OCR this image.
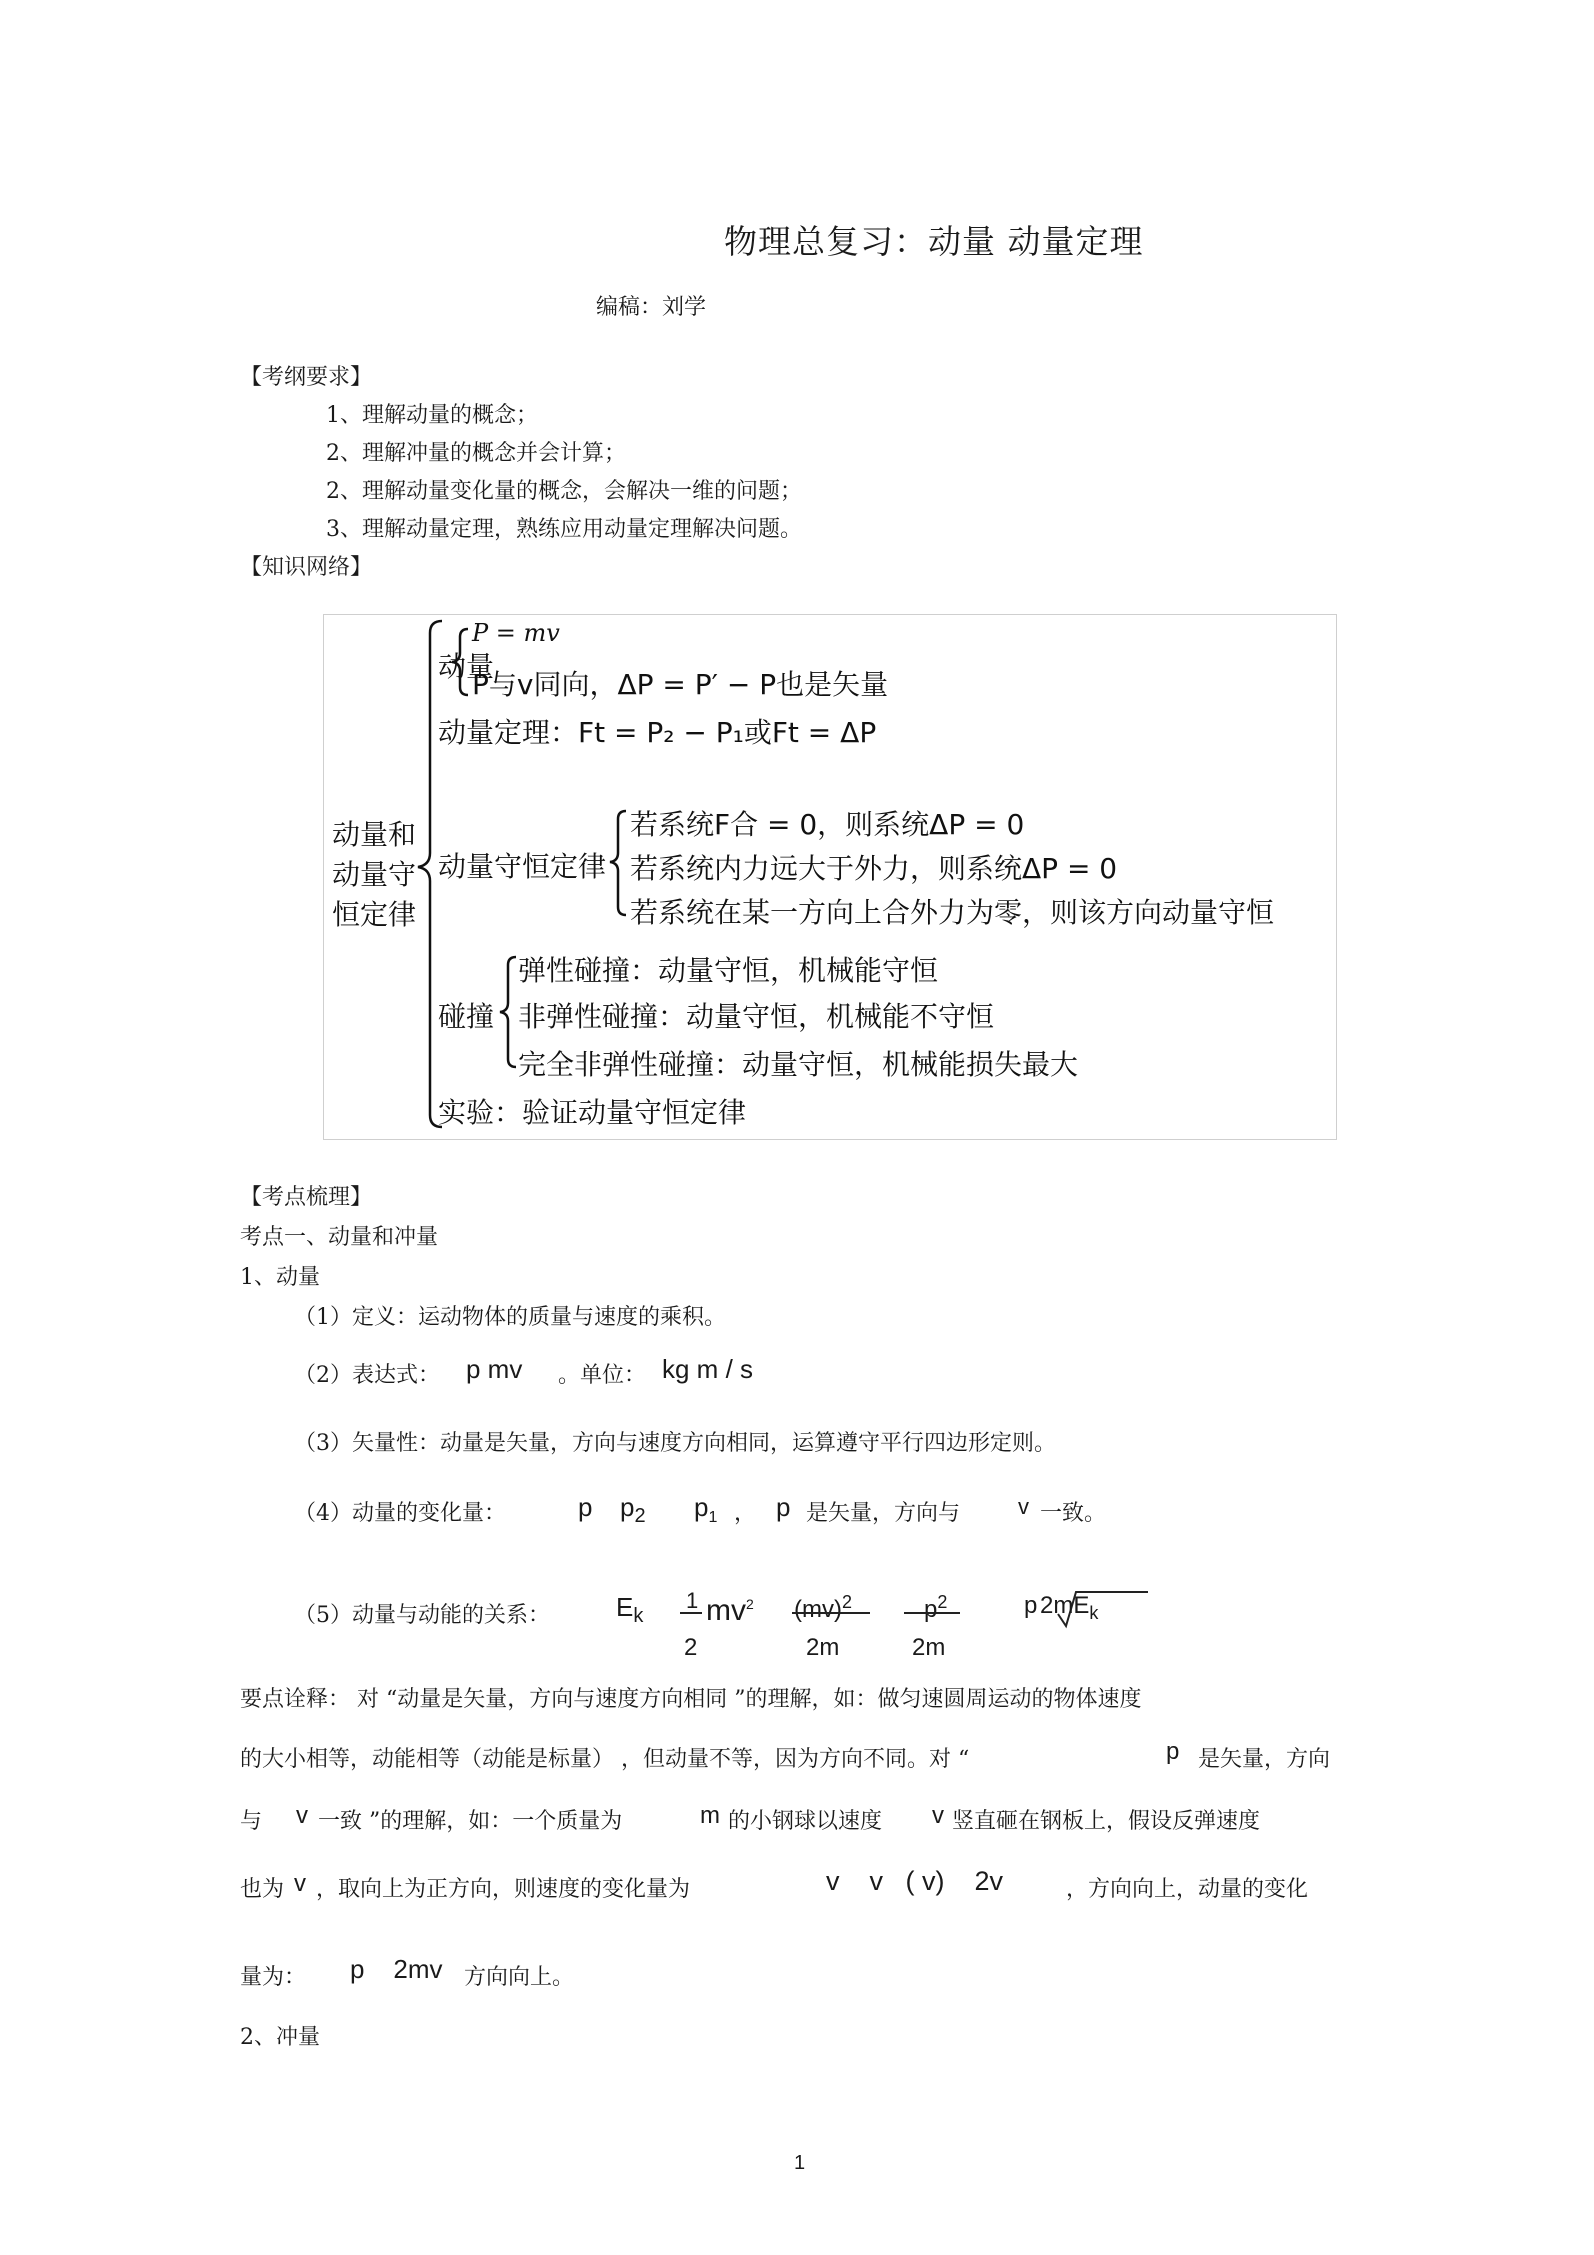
物理总复习：动量 动量定理
编稿：刘学
【考纲要求】
1、理解动量的概念；
2、理解冲量的概念并会计算；
2、理解动量变化量的概念，会解决一维的问题；
3、理解动量定理，熟练应用动量定理解决问题。
【知识网络】
动量和
动量守
恒定律
动量
P = mv
P与v同向，ΔP = P′ − P也是矢量
动量定理：Ft = P₂ − P₁或Ft = ΔP
动量守恒定律
若系统F合 = 0，则系统ΔP = 0
若系统内力远大于外力，则系统ΔP = 0
若系统在某一方向上合外力为零，则该方向动量守恒
碰撞
弹性碰撞：动量守恒，机械能守恒
非弹性碰撞：动量守恒，机械能不守恒
完全非弹性碰撞：动量守恒，机械能损失最大
实验：验证动量守恒定律
【考点梳理】
考点一、动量和冲量
1、动量
（1）定义：运动物体的质量与速度的乘积。
（2）表达式： p mv 。单位： kg m / s
（3）矢量性：动量是矢量，方向与速度方向相同，运算遵守平行四边形定则。
（4）动量的变化量：	p $p_2$ $p_1$ ， p 是矢量，方向与	v 一致。
（5）动量与动能的关系：	$E_k$
1
2
$mv^2$ (mv)$^2$
2m
$p^2$
2m
p $2mE_k$
要点诠释： 对 “动量是矢量，方向与速度方向相同 ”的理解，如：做匀速圆周运动的物体速度
的大小相等，动能相等（动能是标量） ，但动量不等，因为方向不同。对 “	p 是矢量，方向
与 v 一致 ”的理解，如：一个质量为	m 的小钢球以速度 v 竖直砸在钢板上，假设反弹速度
也为 v ，取向上为正方向，则速度的变化量为	v    v   ( v)    2v	，方向向上，动量的变化
量为： p    2mv 方向向上。
2、冲量
1
